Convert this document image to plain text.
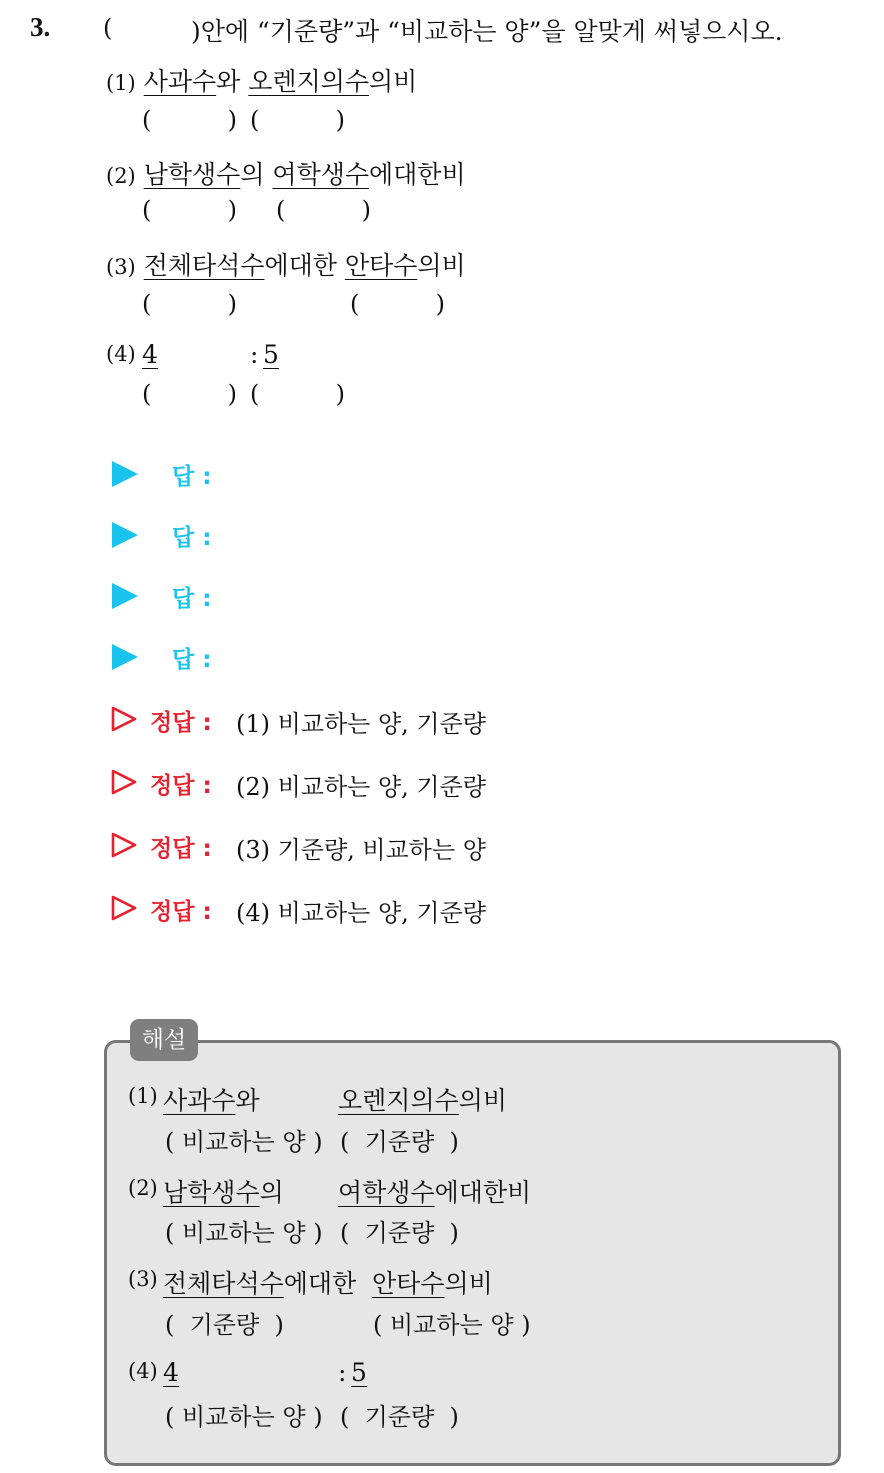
3. (	)안에 “기준량”과 “비교하는 양”을 알맞게 써넣으시오.
(1) 사과수와 오렌지의수의비
(          ) (          )
(2) 남학생수의 여학생수에대한비
(          ) (          )
(3) 전체타석수에대한 안타수의비
(          )	(          )
(4) 4	: 5
(          ) (          )
답 :
답 :
답 :
답 :
정답 : (1) 비교하는 양, 기준량
정답 : (2) 비교하는 양, 기준량
정답 : (3) 기준량, 비교하는 양
정답 : (4) 비교하는 양, 기준량
해설
(1) 사과수와	오렌지의수의비
( 비교하는 양 ) (  기준량  )
(2) 남학생수의 여학생수에대한비
( 비교하는 양 ) (  기준량  )
(3) 전체타석수에대한 안타수의비
(  기준량  )	( 비교하는 양 )
(4) 4	: 5
( 비교하는 양 ) (  기준량  )
